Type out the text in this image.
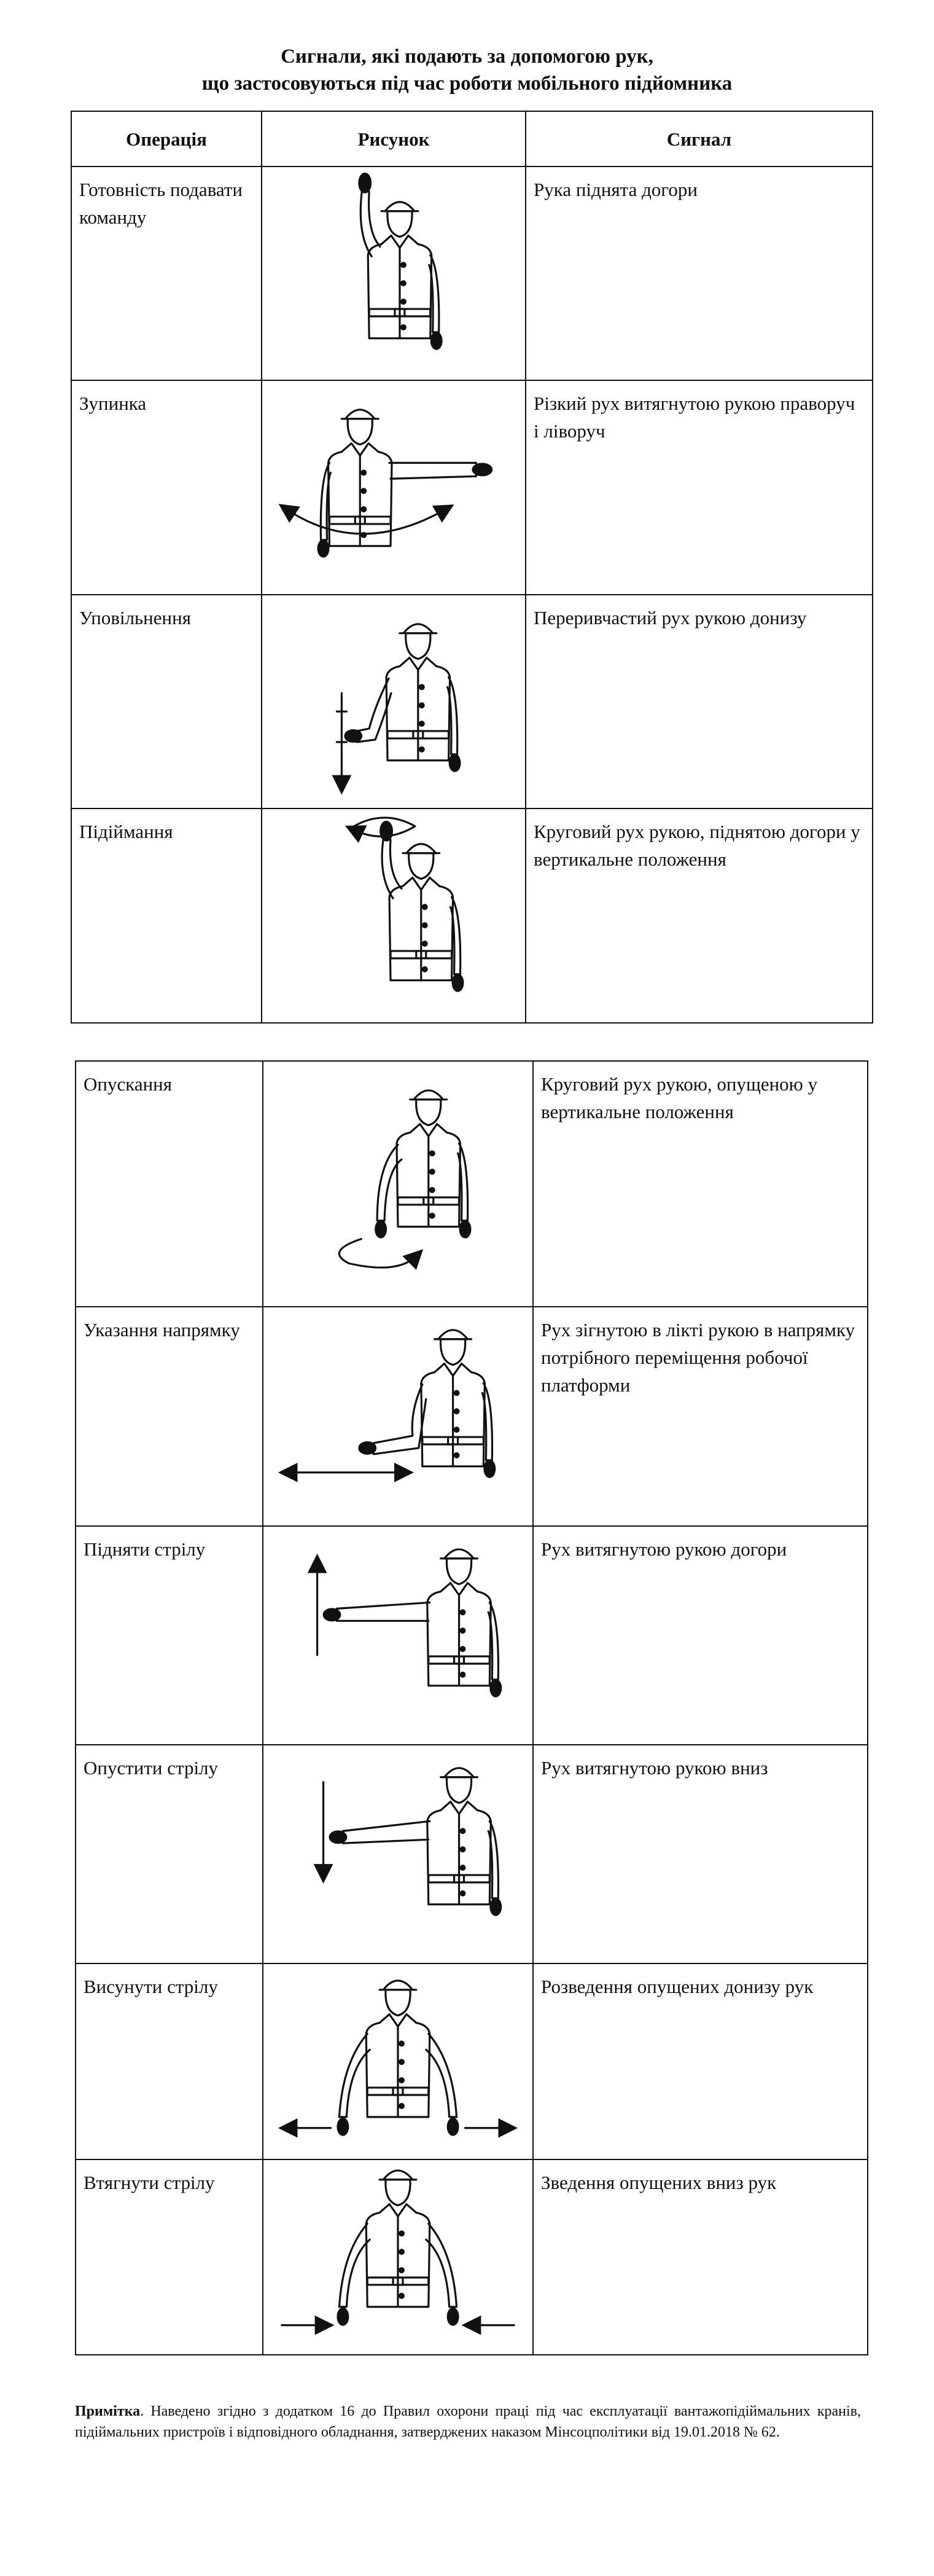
Сигнали, які подають за допомогою рук,
що застосовуються під час роботи мобільного підйомника
Операція	Рисунок	Сигнал
Готовність подавати команду		Рука піднята догори
Зупинка		Різкий рух витягнутою рукою праворуч і ліворуч
Уповільнення		Переривчастий рух рукою донизу
Підіймання		Круговий рух рукою, піднятою догори у вертикальне положення
Опускання		Круговий рух рукою, опущеною у вертикальне положення
Указання напрямку		Рух зігнутою в лікті рукою в напрямку потрібного переміщення робочої платформи
Підняти стрілу		Рух витягнутою рукою догори
Опустити стрілу		Рух витягнутою рукою вниз
Висунути стрілу		Розведення опущених донизу рук
Втягнути стрілу		Зведення опущених вниз рук
Примітка. Наведено згідно з додатком 16 до Правил охорони праці під час експлуатації вантажопідіймальних кранів, підіймальних пристроїв і відповідного обладнання, затверджених наказом Мінсоцполітики від 19.01.2018 № 62.
